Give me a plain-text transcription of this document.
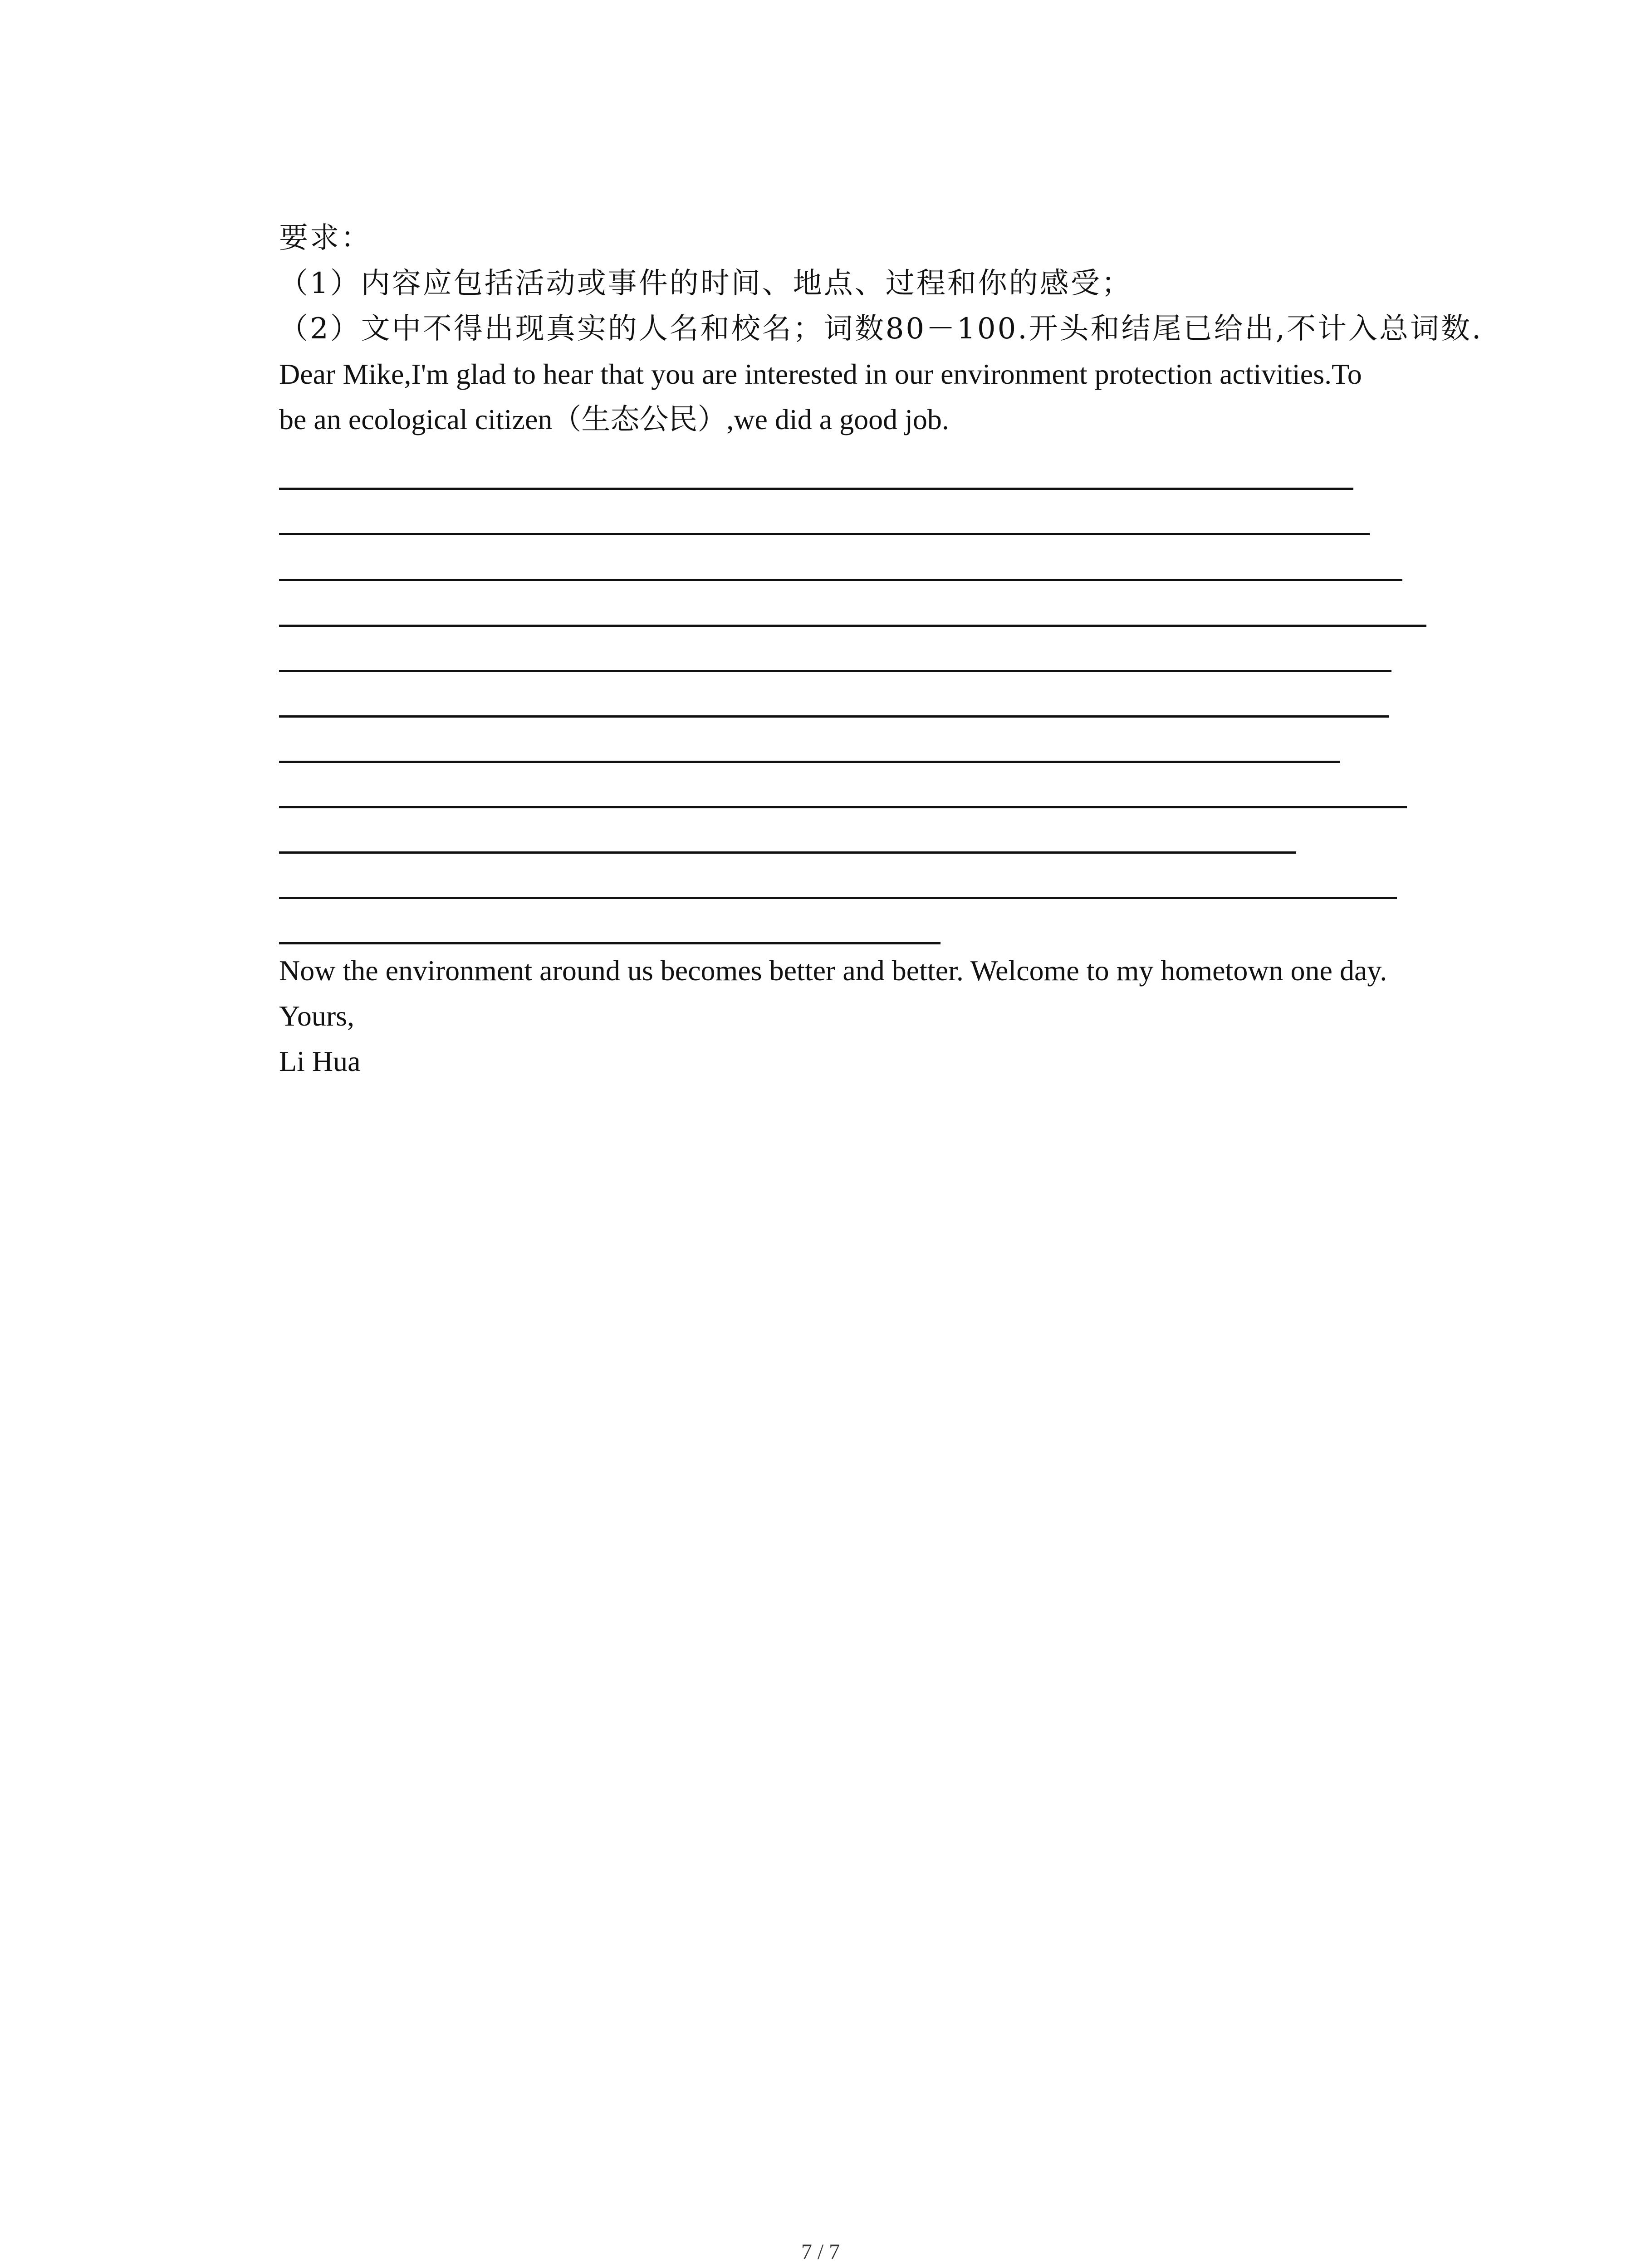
要求：
（1）内容应包括活动或事件的时间、地点、过程和你的感受；
（2）文中不得出现真实的人名和校名；词数80－100.开头和结尾已给出,不计入总词数.
Dear Mike,I'm glad to hear that you are interested in our environment protection activities.To
be an ecological citizen（生态公民）,we did a good job.
Now the environment around us becomes better and better. Welcome to my hometown one day.
Yours,
Li Hua
7 / 7
